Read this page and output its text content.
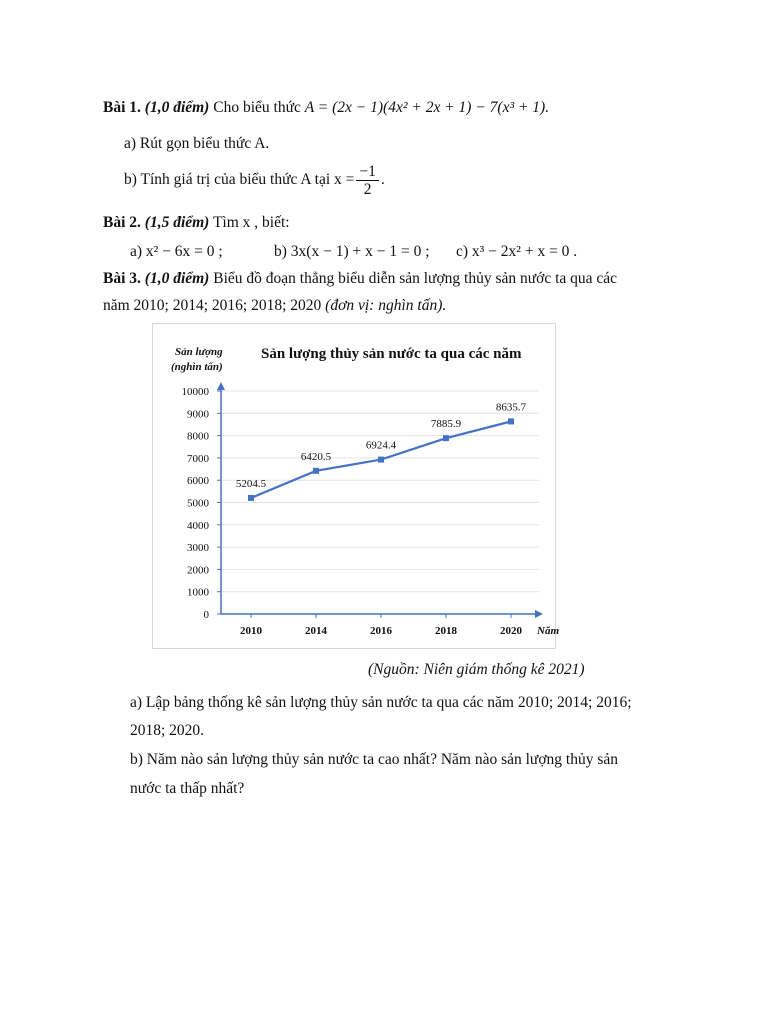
Bài 1. (1,0 điểm) Cho biểu thức A = (2x − 1)(4x² + 2x + 1) − 7(x³ + 1).
a) Rút gọn biểu thức A.
b) Tính giá trị của biểu thức A tại $x = \frac{-1}{2}$ .
Bài 2. (1,5 điểm) Tìm x , biết:
a) x² − 6x = 0 ;	b) 3x(x − 1) + x − 1 = 0 ; c) x³ − 2x² + x = 0 .
Bài 3. (1,0 điểm) Biểu đồ đoạn thẳng biểu diễn sản lượng thủy sản nước ta qua các
năm 2010; 2014; 2016; 2018; 2020 (đơn vị: nghìn tấn).
Sản lượng thủy sản nước ta qua các năm
Sản lượng
(nghìn tấn)
0
1000
2000
3000
4000
5000
6000
7000
8000
9000
10000
2010	2014	2016	2018	2020
5204.5
6420.5
6924.4
7885.9
8635.7
Năm
(Nguồn: Niên giám thống kê 2021)
a) Lập bảng thống kê sản lượng thủy sản nước ta qua các năm 2010; 2014; 2016;
2018; 2020.
b) Năm nào sản lượng thủy sản nước ta cao nhất? Năm nào sản lượng thủy sản
nước ta thấp nhất?
